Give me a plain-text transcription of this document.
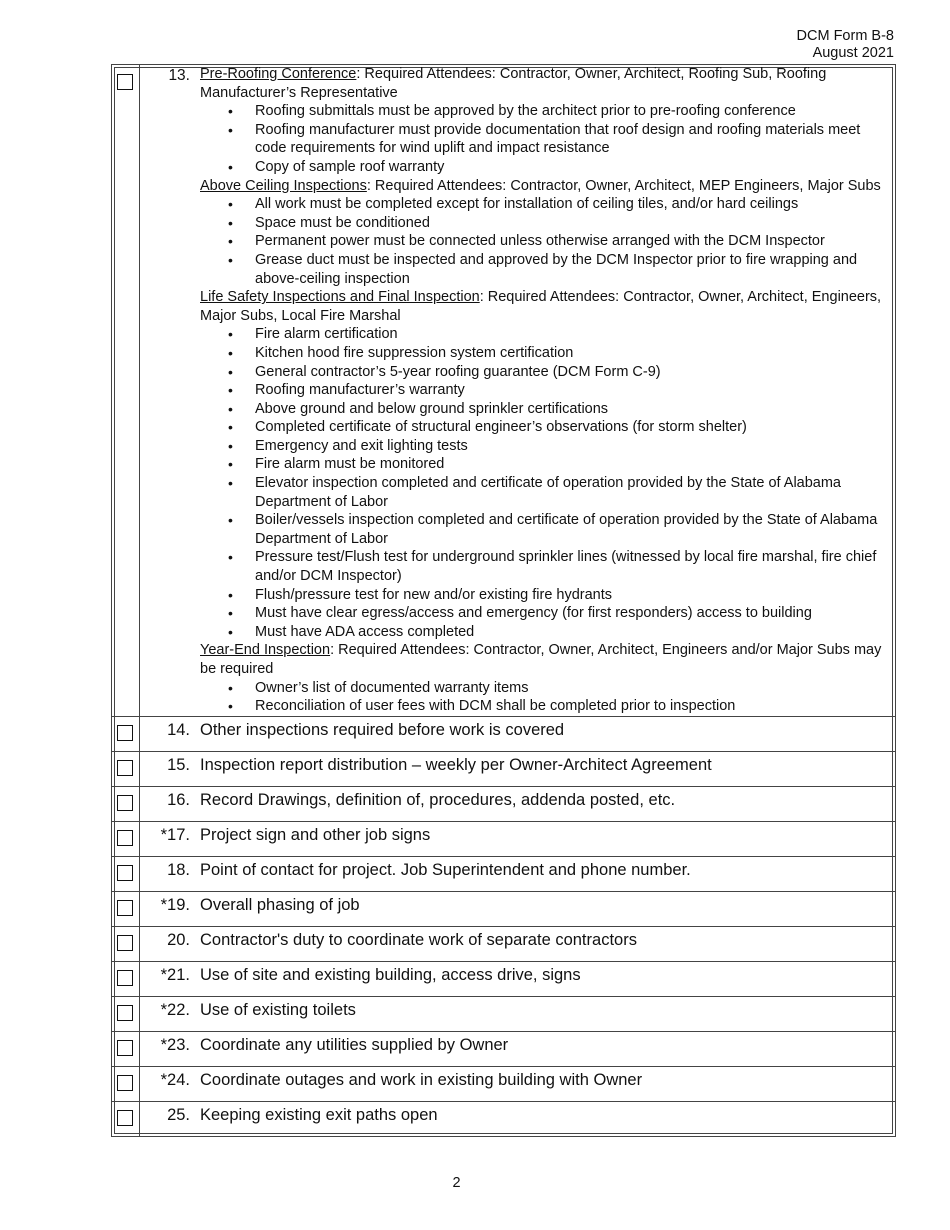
DCM Form B-8
August 2021
13. Pre-Roofing Conference: Required Attendees: Contractor, Owner, Architect, Roofing Sub, Roofing Manufacturer’s Representative

• Roofing submittals must be approved by the architect prior to pre-roofing conference
• Roofing manufacturer must provide documentation that roof design and roofing materials meet code requirements for wind uplift and impact resistance
• Copy of sample roof warranty

Above Ceiling Inspections: Required Attendees: Contractor, Owner, Architect, MEP Engineers, Major Subs

• All work must be completed except for installation of ceiling tiles, and/or hard ceilings
• Space must be conditioned
• Permanent power must be connected unless otherwise arranged with the DCM Inspector
• Grease duct must be inspected and approved by the DCM Inspector prior to fire wrapping and above-ceiling inspection

Life Safety Inspections and Final Inspection: Required Attendees: Contractor, Owner, Architect, Engineers, Major Subs, Local Fire Marshal

• Fire alarm certification
• Kitchen hood fire suppression system certification
• General contractor’s 5-year roofing guarantee (DCM Form C-9)
• Roofing manufacturer’s warranty
• Above ground and below ground sprinkler certifications
• Completed certificate of structural engineer’s observations (for storm shelter)
• Emergency and exit lighting tests
• Fire alarm must be monitored
• Elevator inspection completed and certificate of operation provided by the State of Alabama Department of Labor
• Boiler/vessels inspection completed and certificate of operation provided by the State of Alabama Department of Labor
• Pressure test/Flush test for underground sprinkler lines (witnessed by local fire marshal, fire chief and/or DCM Inspector)
• Flush/pressure test for new and/or existing fire hydrants
• Must have clear egress/access and emergency (for first responders) access to building
• Must have ADA access completed

Year-End Inspection: Required Attendees: Contractor, Owner, Architect, Engineers and/or Major Subs may be required

• Owner’s list of documented warranty items
• Reconciliation of user fees with DCM shall be completed prior to inspection
14. Other inspections required before work is covered
15. Inspection report distribution – weekly per Owner-Architect Agreement
16. Record Drawings, definition of, procedures, addenda posted, etc.
*17. Project sign and other job signs
18. Point of contact for project. Job Superintendent and phone number.
*19. Overall phasing of job
20. Contractor's duty to coordinate work of separate contractors
*21. Use of site and existing building, access drive, signs
*22. Use of existing toilets
*23. Coordinate any utilities supplied by Owner
*24. Coordinate outages and work in existing building with Owner
25. Keeping existing exit paths open
2
